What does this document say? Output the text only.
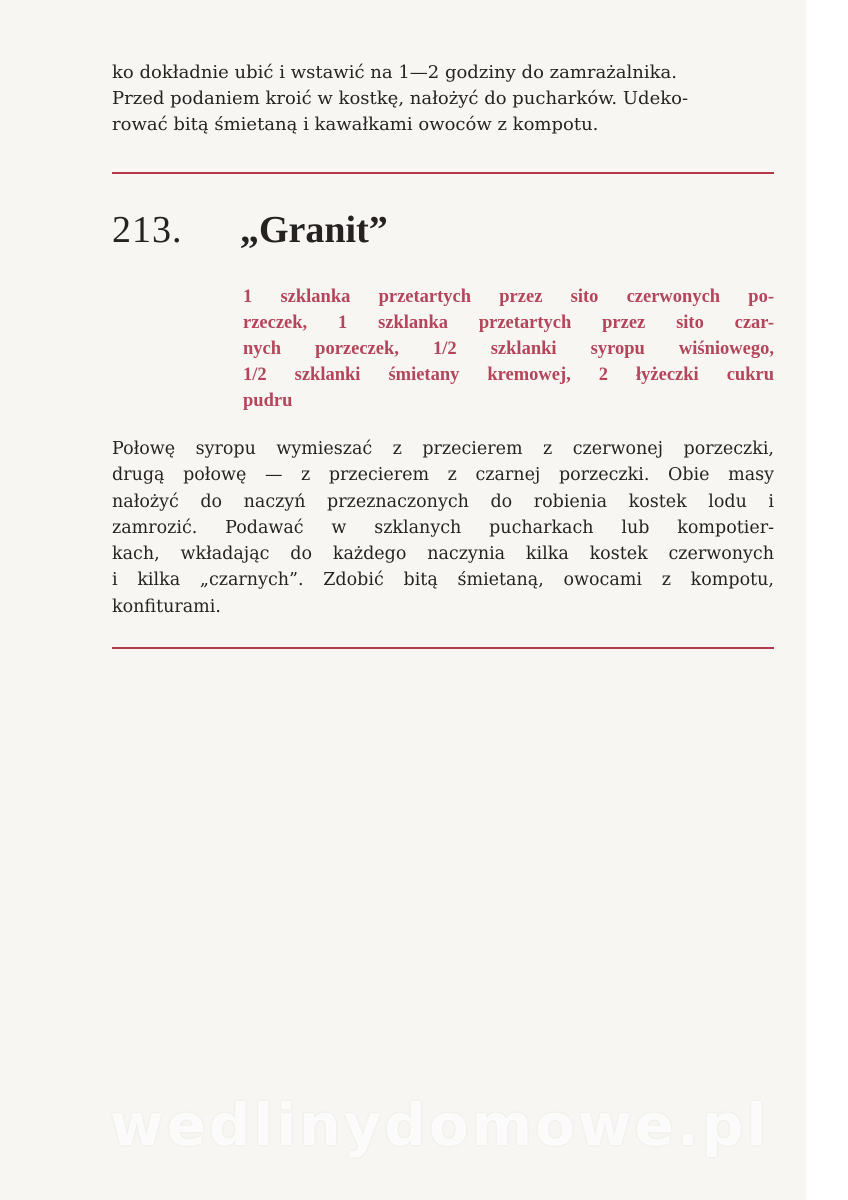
ko dokładnie ubić i wstawić na 1—2 godziny do zamrażalnika.
Przed podaniem kroić w kostkę, nałożyć do pucharków. Udeko-
rować bitą śmietaną i kawałkami owoców z kompotu.

213. „Granit”

1 szklanka przetartych przez sito czerwonych po-
rzeczek, 1 szklanka przetartych przez sito czar-
nych porzeczek, 1/2 szklanki syropu wiśniowego,
1/2 szklanki śmietany kremowej, 2 łyżeczki cukru
pudru

Połowę syropu wymieszać z przecierem z czerwonej porzeczki,
drugą połowę — z przecierem z czarnej porzeczki. Obie masy
nałożyć do naczyń przeznaczonych do robienia kostek lodu i
zamrozić. Podawać w szklanych pucharkach lub kompotier-
kach, wkładając do każdego naczynia kilka kostek czerwonych
i kilka „czarnych”. Zdobić bitą śmietaną, owocami z kompotu,
konfiturami.

wedlinydomowe.pl
